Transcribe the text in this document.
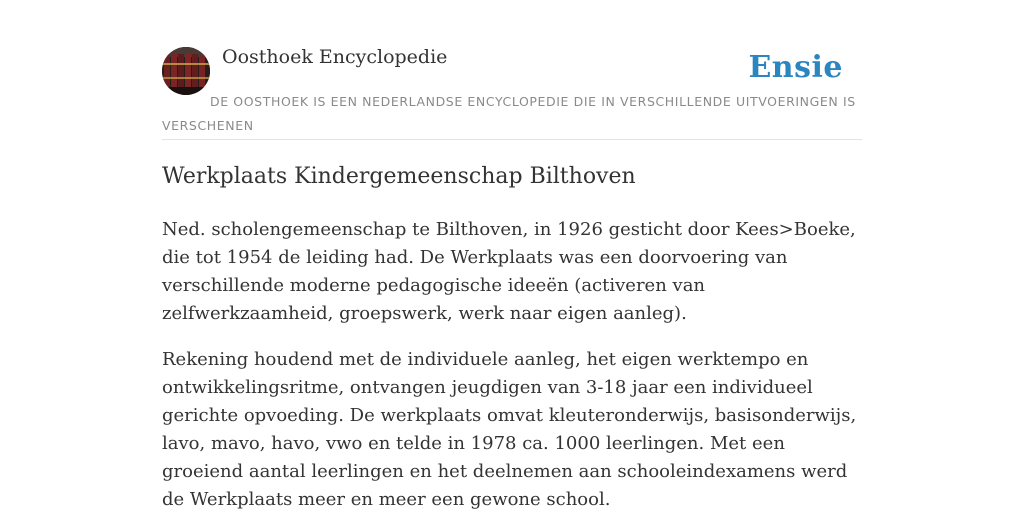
Oosthoek Encyclopedie	Ensie
DE OOSTHOEK IS EEN NEDERLANDSE ENCYCLOPEDIE DIE IN VERSCHILLENDE UITVOERINGEN IS VERSCHENEN
Werkplaats Kindergemeenschap Bilthoven

Ned. scholengemeenschap te Bilthoven, in 1926 gesticht door Kees>Boeke, die tot 1954 de leiding had. De Werkplaats was een doorvoering van verschillende moderne pedagogische ideeën (activeren van zelfwerkzaamheid, groepswerk, werk naar eigen aanleg).

Rekening houdend met de individuele aanleg, het eigen werktempo en ontwikkelingsritme, ontvangen jeugdigen van 3-18 jaar een individueel gerichte opvoeding. De werkplaats omvat kleuteronderwijs, basisonderwijs, lavo, mavo, havo, vwo en telde in 1978 ca. 1000 leerlingen. Met een groeiend aantal leerlingen en het deelnemen aan schooleindexamens werd de Werkplaats meer en meer een gewone school.
